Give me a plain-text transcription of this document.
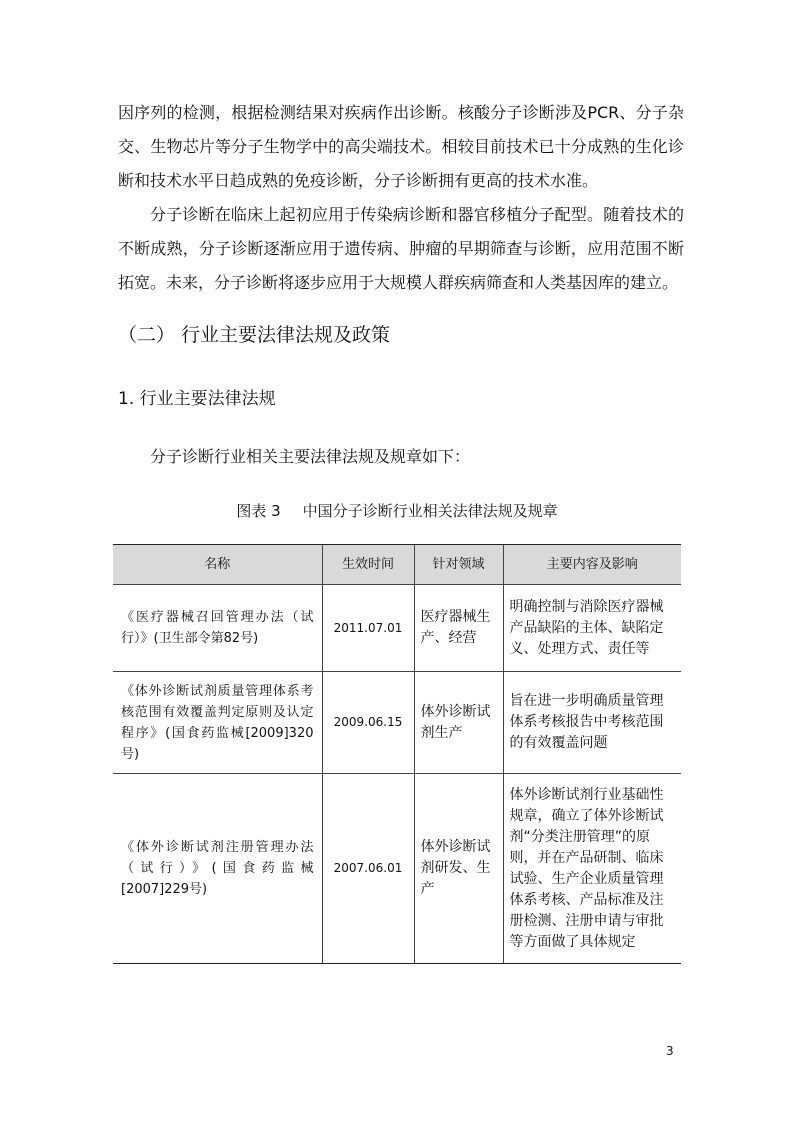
因序列的检测，根据检测结果对疾病作出诊断。核酸分子诊断涉及PCR、分子杂交、生物芯片等分子生物学中的高尖端技术。相较目前技术已十分成熟的生化诊断和技术水平日趋成熟的免疫诊断，分子诊断拥有更高的技术水准。

分子诊断在临床上起初应用于传染病诊断和器官移植分子配型。随着技术的不断成熟，分子诊断逐渐应用于遗传病、肿瘤的早期筛查与诊断，应用范围不断拓宽。未来，分子诊断将逐步应用于大规模人群疾病筛查和人类基因库的建立。

（二） 行业主要法律法规及政策
1. 行业主要法律法规

分子诊断行业相关主要法律法规及规章如下：

图表 3 中国分子诊断行业相关法律法规及规章
名称	生效时间	针对领域	主要内容及影响
《医疗器械召回管理办法（试行）》(卫生部令第82号)	2011.07.01	医疗器械生产、经营	明确控制与消除医疗器械产品缺陷的主体、缺陷定义、处理方式、责任等
《体外诊断试剂质量管理体系考核范围有效覆盖判定原则及认定程序》(国食药监械[2009]320号)	2009.06.15	体外诊断试剂生产	旨在进一步明确质量管理体系考核报告中考核范围的有效覆盖问题
《体外诊断试剂注册管理办法（试行）》(国食药监械[2007]229号)	2007.06.01	体外诊断试剂研发、生产	体外诊断试剂行业基础性规章，确立了体外诊断试剂“分类注册管理”的原则，并在产品研制、临床试验、生产企业质量管理体系考核、产品标准及注册检测、注册申请与审批等方面做了具体规定
3
